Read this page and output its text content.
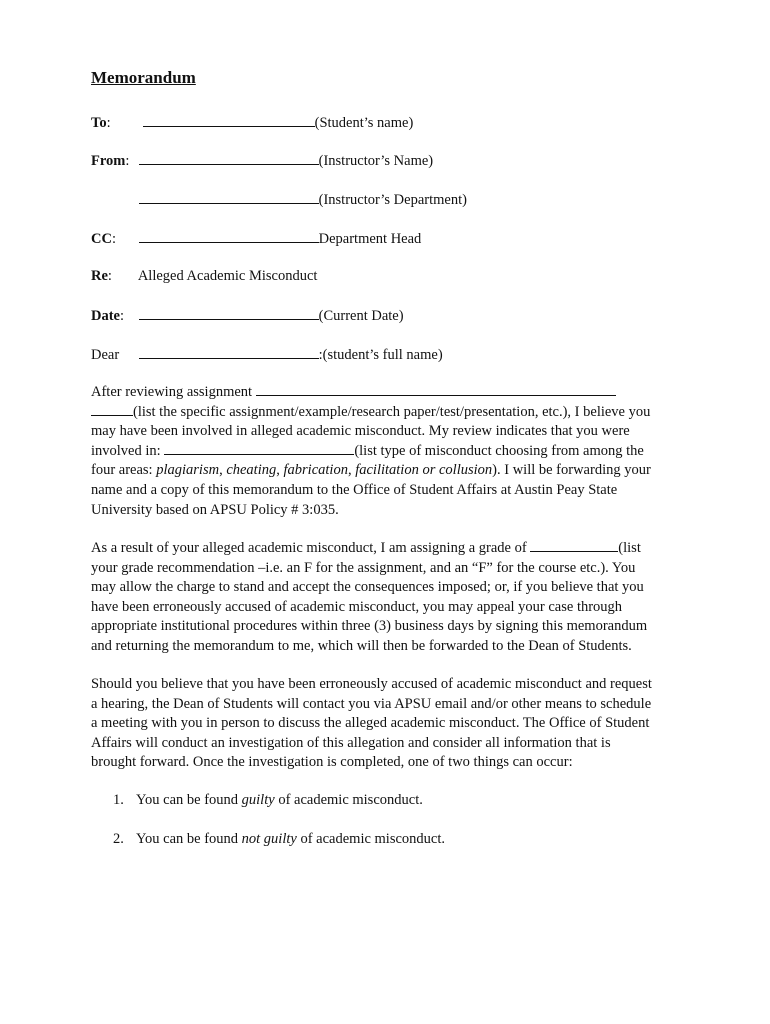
Memorandum
To:	(Student’s name)
From:	(Instructor’s Name)
(Instructor’s Department)
CC:	Department Head
Re: Alleged Academic Misconduct
Date:	(Current Date)
Dear	:(student’s full name)
After reviewing assignment
(list the specific assignment/example/research paper/test/presentation, etc.), I believe you
may have been involved in alleged academic misconduct. My review indicates that you were
involved in:	(list type of misconduct choosing from among the
four areas: plagiarism, cheating, fabrication, facilitation or collusion). I will be forwarding your
name and a copy of this memorandum to the Office of Student Affairs at Austin Peay State
University based on APSU Policy # 3:035.
As a result of your alleged academic misconduct, I am assigning a grade of	(list
your grade recommendation –i.e. an F for the assignment, and an “F” for the course etc.). You
may allow the charge to stand and accept the consequences imposed; or, if you believe that you
have been erroneously accused of academic misconduct, you may appeal your case through
appropriate institutional procedures within three (3) business days by signing this memorandum
and returning the memorandum to me, which will then be forwarded to the Dean of Students.
Should you believe that you have been erroneously accused of academic misconduct and request
a hearing, the Dean of Students will contact you via APSU email and/or other means to schedule
a meeting with you in person to discuss the alleged academic misconduct. The Office of Student
Affairs will conduct an investigation of this allegation and consider all information that is
brought forward. Once the investigation is completed, one of two things can occur:
1. You can be found guilty of academic misconduct.
2. You can be found not guilty of academic misconduct.
